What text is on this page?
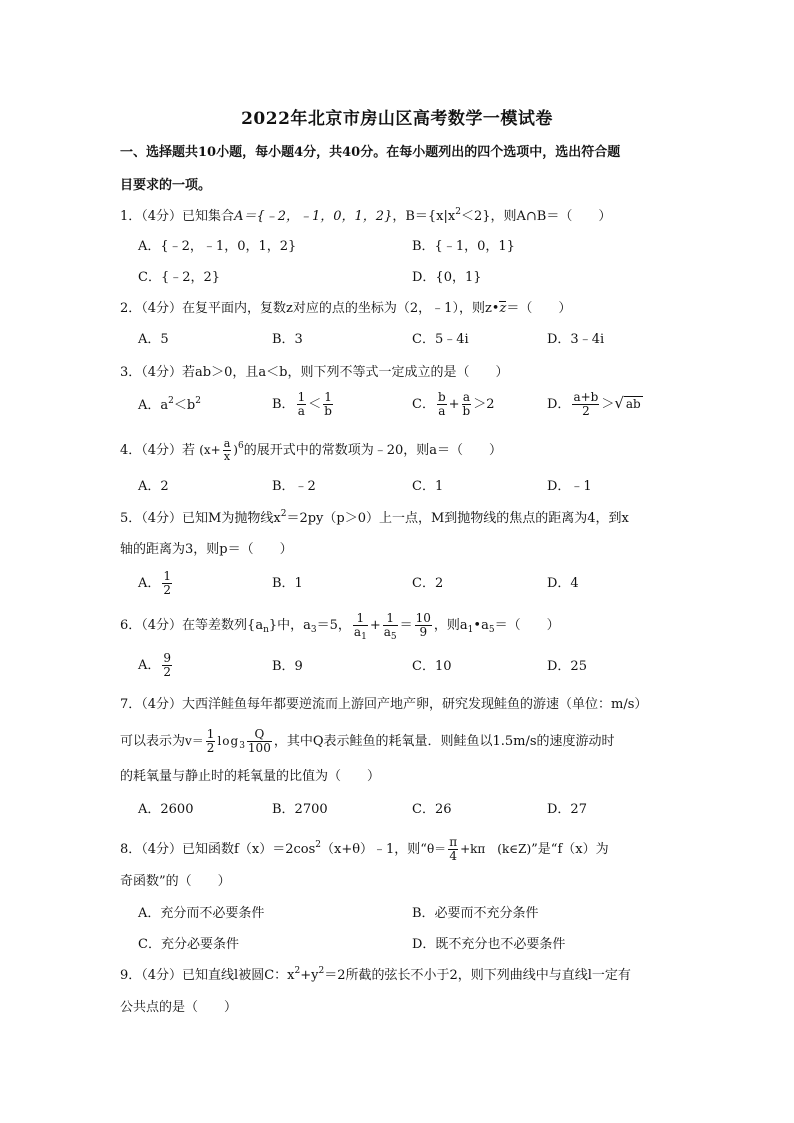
2022年北京市房山区高考数学一模试卷
一、选择题共10小题，每小题4分，共40分。在每小题列出的四个选项中，选出符合题
目要求的一项。
1．（4分）已知集合A＝{﹣2，﹣1，0，1，2}，$B=\{x|x^2<2\}$，则A∩B＝（　　）
A．{﹣2，﹣1，0，1，2}	B．{﹣1，0，1}
C．{﹣2，2}	D．{0，1}
2．（4分）在复平面内，复数z对应的点的坐标为（2，﹣1），则z•z＝（　　）
A．5	B．3	C．5﹣4i	D．3﹣4i
3．（4分）若ab＞0，且a＜b，则下列不等式一定成立的是（　　）
A．$a^2<b^2$	B． $\frac{1}{a} < \frac{1}{b}$	C． $\frac{b}{a} + \frac{a}{b} >2$	D． $\frac{a+b}{2}$ ＞√ ab
4．（4分）若 $(x+ \frac{a}{x} )^6$的展开式中的常数项为﹣20，则a＝（　　）
A．2	B．﹣2	C．1	D．﹣1
5．（4分）已知M为抛物线$x^2=2py(p>0)$上一点，M到抛物线的焦点的距离为4，到x
轴的距离为3，则p＝（　　）
A． $\frac{1}{2}$	B．1	C．2	D．4
6．（4分）在等差数列$\{a_n\}$中，$a_3=5$， $\frac{1}{a_1} + \frac{1}{a_5} = \frac{10}{9}$ ，则$a_1•a_5=$（　　）
A． $\frac{9}{2}$	B．9	C．10	D．25
7．（4分）大西洋鲑鱼每年都要逆流而上游回产地产卵，研究发现鲑鱼的游速（单位：m/s）
可以表示为$v= \frac{1}{2} \log_3 \frac{Q}{100}$ ，其中Q表示鲑鱼的耗氧量．则鲑鱼以1.5m/s的速度游动时
的耗氧量与静止时的耗氧量的比值为（　　）
A．2600	B．2700	C．26	D．27
8．（4分）已知函数$f(x)=2\cos^2(x+\theta)﹣1$，则“$\theta= \frac{\pi}{4} +k\pi$　(k∈Z)”是“f（x）为
奇函数”的（　　）
A．充分而不必要条件	B．必要而不充分条件
C．充分必要条件	D．既不充分也不必要条件
9．（4分）已知直线l被圆C：$x^2+y^2=2$所截的弦长不小于2，则下列曲线中与直线l一定有
公共点的是（　　）
